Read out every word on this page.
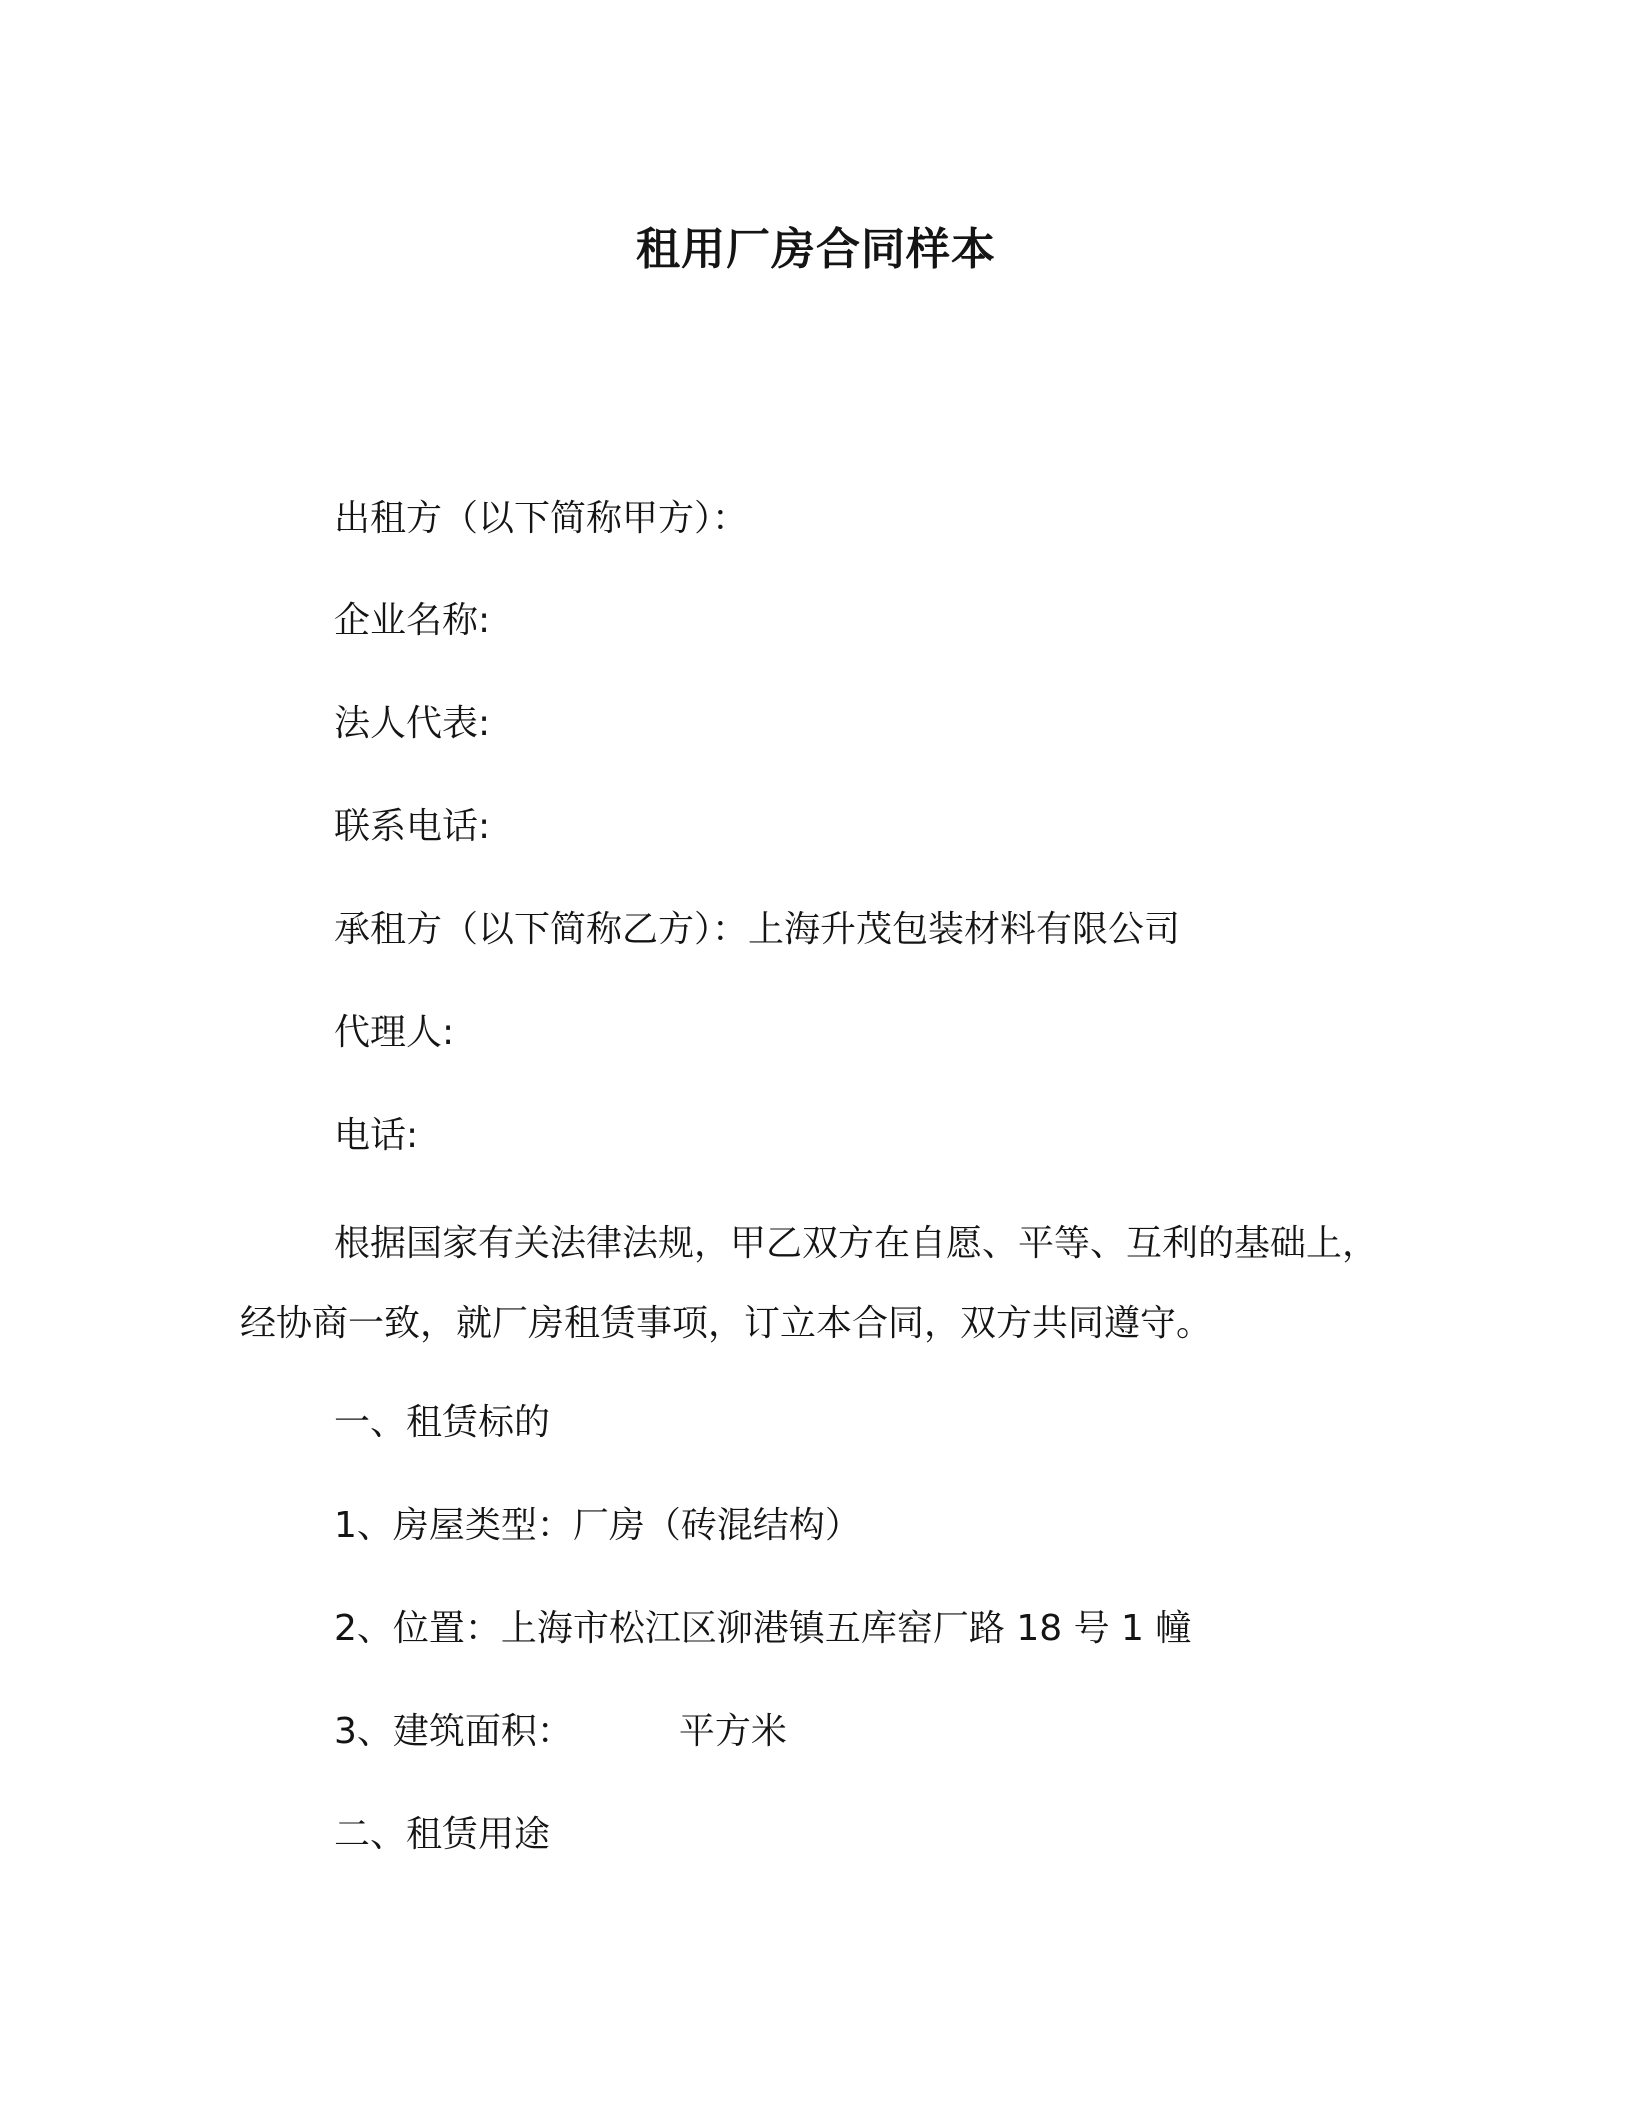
租用厂房合同样本
出租方（以下简称甲方）：
企业名称:
法人代表:
联系电话:
承租方（以下简称乙方）：上海升茂包装材料有限公司
代理人:
电话:
根据国家有关法律法规，甲乙双方在自愿、平等、互利的基础上，经协商一致，就厂房租赁事项，订立本合同，双方共同遵守。
一、租赁标的
1、房屋类型：厂房（砖混结构）
2、位置：上海市松江区泖港镇五库窑厂路 18 号 1 幢
3、建筑面积：	平方米
二、租赁用途
